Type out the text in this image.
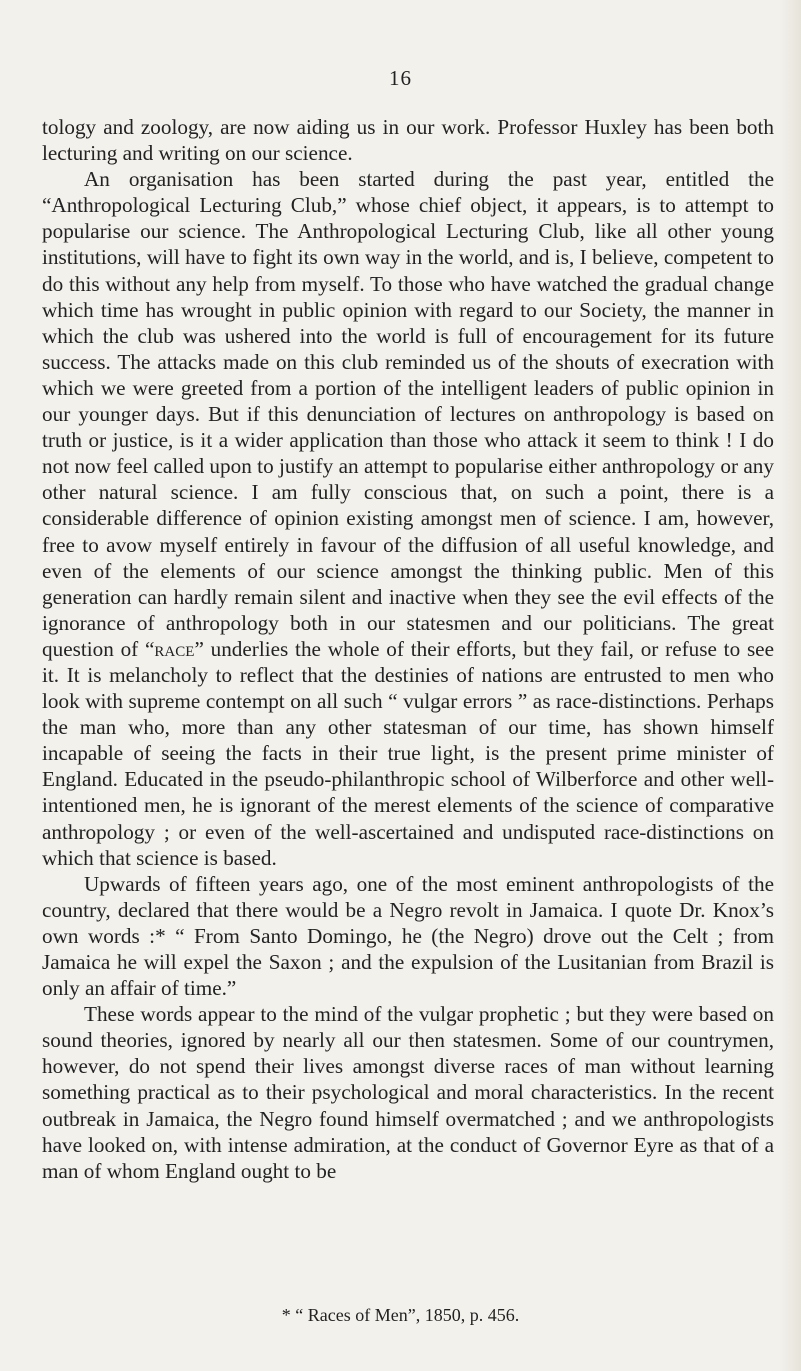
16

tology and zoology, are now aiding us in our work. Professor Huxley has been both lecturing and writing on our science.

An organisation has been started during the past year, entitled the “Anthropological Lecturing Club,” whose chief object, it appears, is to attempt to popularise our science. The Anthropological Lecturing Club, like all other young institutions, will have to fight its own way in the world, and is, I believe, competent to do this without any help from myself. To those who have watched the gradual change which time has wrought in public opinion with regard to our Society, the manner in which the club was ushered into the world is full of encouragement for its future success. The attacks made on this club reminded us of the shouts of execration with which we were greeted from a portion of the intelligent leaders of public opinion in our younger days. But if this denunciation of lectures on anthropology is based on truth or justice, is it a wider application than those who attack it seem to think ! I do not now feel called upon to justify an attempt to popularise either anthropology or any other natural science. I am fully conscious that, on such a point, there is a considerable difference of opinion existing amongst men of science. I am, however, free to avow myself entirely in favour of the diffusion of all useful knowledge, and even of the elements of our science amongst the thinking public. Men of this generation can hardly remain silent and inactive when they see the evil effects of the ignorance of anthropology both in our statesmen and our politicians. The great question of “race” underlies the whole of their efforts, but they fail, or refuse to see it. It is melancholy to reflect that the destinies of nations are entrusted to men who look with supreme contempt on all such “ vulgar errors ” as race-distinctions. Perhaps the man who, more than any other statesman of our time, has shown himself incapable of seeing the facts in their true light, is the present prime minister of England. Educated in the pseudo-philanthropic school of Wilberforce and other well-intentioned men, he is ignorant of the merest elements of the science of comparative anthropology ; or even of the well-ascertained and undisputed race-distinctions on which that science is based.

Upwards of fifteen years ago, one of the most eminent anthropologists of the country, declared that there would be a Negro revolt in Jamaica. I quote Dr. Knox’s own words :* “ From Santo Domingo, he (the Negro) drove out the Celt ; from Jamaica he will expel the Saxon ; and the expulsion of the Lusitanian from Brazil is only an affair of time.”

These words appear to the mind of the vulgar prophetic ; but they were based on sound theories, ignored by nearly all our then statesmen. Some of our countrymen, however, do not spend their lives amongst diverse races of man without learning something practical as to their psychological and moral characteristics. In the recent outbreak in Jamaica, the Negro found himself overmatched ; and we anthropologists have looked on, with intense admiration, at the conduct of Governor Eyre as that of a man of whom England ought to be

* “ Races of Men”, 1850, p. 456.
